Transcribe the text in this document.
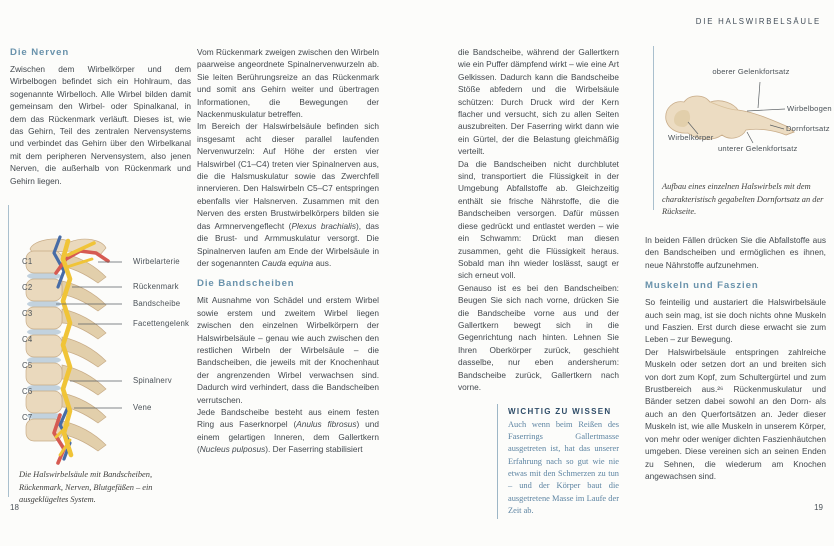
DIE HALSWIRBELSÄULE
Die Nerven

Zwischen dem Wirbelkörper und dem Wirbelbogen befindet sich ein Hohlraum, das sogenannte Wirbelloch. Alle Wirbel bilden damit gemeinsam den Wirbel- oder Spinalkanal, in dem das Rückenmark verläuft. Dieses ist, wie das Gehirn, Teil des zentralen Nervensystems und verbindet das Gehirn über den Wirbelkanal mit dem peripheren Nervensystem, also jenen Nerven, die außerhalb von Rückenmark und Gehirn liegen.

C1
C2
C3
C4
C5
C6
C7
Wirbelarterie
Rückenmark
Bandscheibe
Facettengelenk
Spinalnerv
Vene
Die Halswirbelsäule mit Bandscheiben, Rückenmark, Nerven, Blutgefäßen – ein ausgeklügeltes System.

Vom Rückenmark zweigen zwischen den Wirbeln paarweise angeordnete Spinalnervenwurzeln ab. Sie leiten Berührungsreize an das Rückenmark und somit ans Gehirn weiter und übertragen Informationen, die Bewegungen der Nackenmuskulatur betreffen.

Im Bereich der Halswirbelsäule befinden sich insgesamt acht dieser parallel laufenden Nervenwurzeln: Auf Höhe der ersten vier Halswirbel (C1–C4) treten vier Spinalnerven aus, die die Halsmuskulatur sowie das Zwerchfell innervieren. Den Halswirbeln C5–C7 entspringen ebenfalls vier Halsnerven. Zusammen mit den Nerven des ersten Brustwirbelkörpers bilden sie das Armnervengeflecht (Plexus brachialis), das die Brust- und Armmuskulatur versorgt. Die Spinalnerven laufen am Ende der Wirbelsäule in der sogenannten Cauda equina aus.

Die Bandscheiben

Mit Ausnahme von Schädel und erstem Wirbel sowie erstem und zweitem Wirbel liegen zwischen den einzelnen Wirbelkörpern der Halswirbelsäule – genau wie auch zwischen den restlichen Wirbeln der Wirbelsäule – die Bandscheiben, die jeweils mit der Knochenhaut der angrenzenden Wirbel verwachsen sind. Dadurch wird verhindert, dass die Bandscheiben verrutschen.

Jede Bandscheibe besteht aus einem festen Ring aus Faserknorpel (Anulus fibrosus) und einem gelartigen Inneren, dem Gallertkern (Nucleus pulposus). Der Faserring stabilisiert

die Bandscheibe, während der Gallertkern wie ein Puffer dämpfend wirkt – wie eine Art Gelkissen. Dadurch kann die Bandscheibe Stöße abfedern und die Wirbelsäule schützen: Durch Druck wird der Kern flacher und versucht, sich zu allen Seiten auszubreiten. Der Faserring wirkt dann wie ein Gürtel, der die Belastung gleichmäßig verteilt.

Da die Bandscheiben nicht durchblutet sind, transportiert die Flüssigkeit in der Umgebung Abfallstoffe ab. Gleichzeitig enthält sie frische Nährstoffe, die die Bandscheiben versorgen. Dafür müssen diese gedrückt und entlastet werden – wie ein Schwamm: Drückt man diesen zusammen, geht die Flüssigkeit heraus. Sobald man ihn wieder loslässt, saugt er sich erneut voll.

Genauso ist es bei den Bandscheiben: Beugen Sie sich nach vorne, drücken Sie die Bandscheibe vorne aus und der Gallertkern bewegt sich in die Gegenrichtung nach hinten. Lehnen Sie Ihren Oberkörper zurück, geschieht dasselbe, nur eben andersherum: Bandscheibe zurück, Gallertkern nach vorne.

WICHTIG ZU WISSEN

Auch wenn beim Reißen des Faserrings Gallertmasse ausgetreten ist, hat das unserer Erfahrung nach so gut wie nie etwas mit den Schmerzen zu tun – und der Körper baut die ausgetretene Masse im Laufe der Zeit ab.

oberer Gelenkfortsatz
Wirbelbogen
Dornfortsatz
Wirbelkörper
unterer Gelenkfortsatz
Aufbau eines einzelnen Halswirbels mit dem charakteristisch gegabelten Dornfortsatz an der Rückseite.

In beiden Fällen drücken Sie die Abfallstoffe aus den Bandscheiben und ermöglichen es ihnen, neue Nährstoffe aufzunehmen.

Muskeln und Faszien

So feinteilig und austariert die Halswirbelsäule auch sein mag, ist sie doch nichts ohne Muskeln und Faszien. Erst durch diese erwacht sie zum Leben – zur Bewegung.

Der Halswirbelsäule entspringen zahlreiche Muskeln oder setzen dort an und breiten sich von dort zum Kopf, zum Schultergürtel und zum Brustbereich aus.²⁶ Rückenmuskulatur und Bänder setzen dabei sowohl an den Dorn- als auch an den Querfortsätzen an. Jeder dieser Muskeln ist, wie alle Muskeln in unserem Körper, von mehr oder weniger dichten Faszienhäutchen umgeben. Diese vereinen sich an seinen Enden zu Sehnen, die wiederum am Knochen angewachsen sind.

18	19
